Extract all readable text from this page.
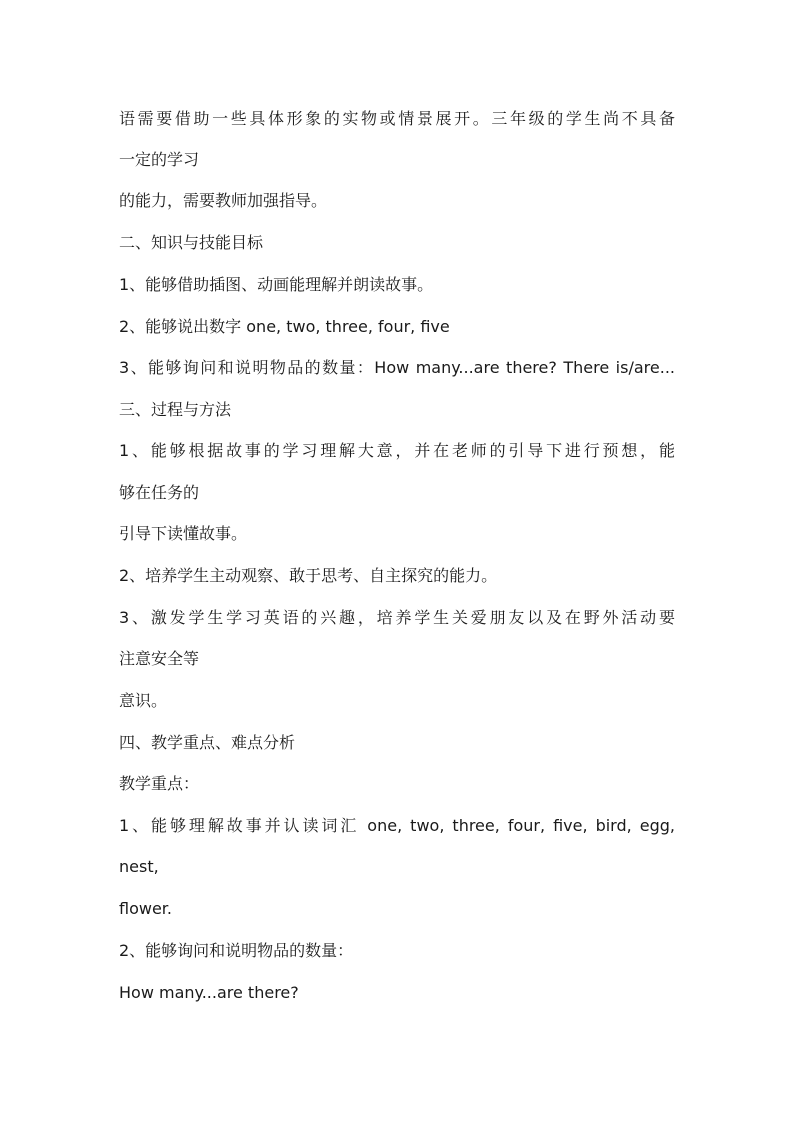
语需要借助一些具体形象的实物或情景展开。三年级的学生尚不具备
一定的学习
的能力，需要教师加强指导。
二、知识与技能目标
1、能够借助插图、动画能理解并朗读故事。
2、能够说出数字 one, two, three, four, five
3、能够询问和说明物品的数量：How many...are there? There is/are...
三、过程与方法
1、能够根据故事的学习理解大意，并在老师的引导下进行预想，能
够在任务的
引导下读懂故事。
2、培养学生主动观察、敢于思考、自主探究的能力。
3、激发学生学习英语的兴趣，培养学生关爱朋友以及在野外活动要
注意安全等
意识。
四、教学重点、难点分析
教学重点：
1、能够理解故事并认读词汇 one, two, three, four, five, bird, egg,
nest,
flower.
2、能够询问和说明物品的数量：
How many...are there?
